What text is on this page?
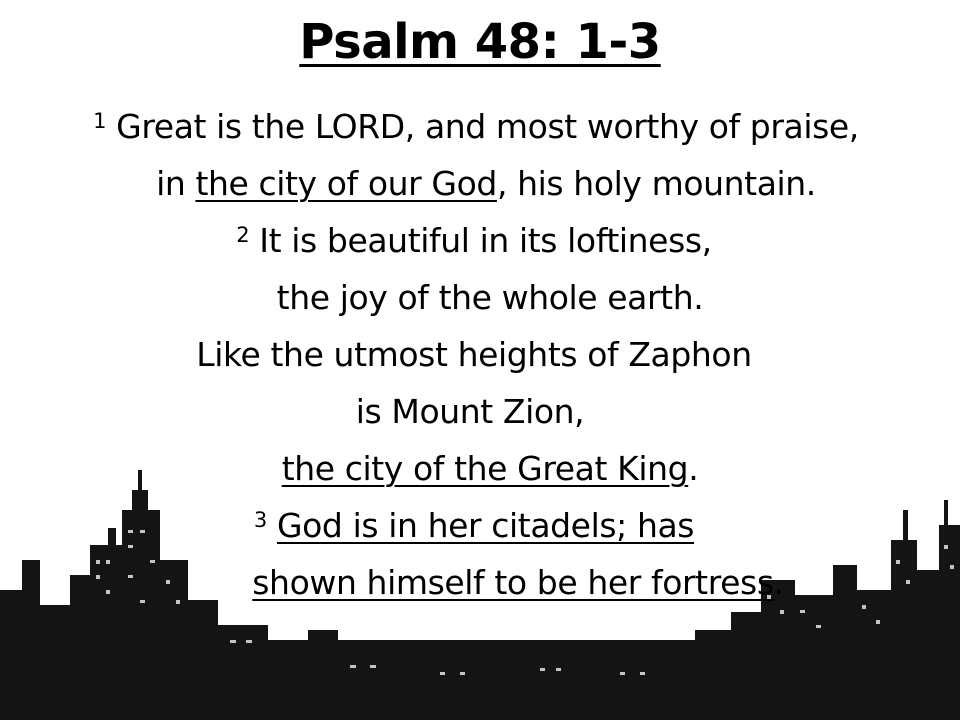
Psalm 48: 1-3
$^1$ Great is the LORD, and most worthy of praise,
in the city of our God, his holy mountain.
$^2$ It is beautiful in its loftiness,
the joy of the whole earth.
Like the utmost heights of Zaphon
is Mount Zion,
the city of the Great King.
$^3$ God is in her citadels; has
shown himself to be her fortress.
